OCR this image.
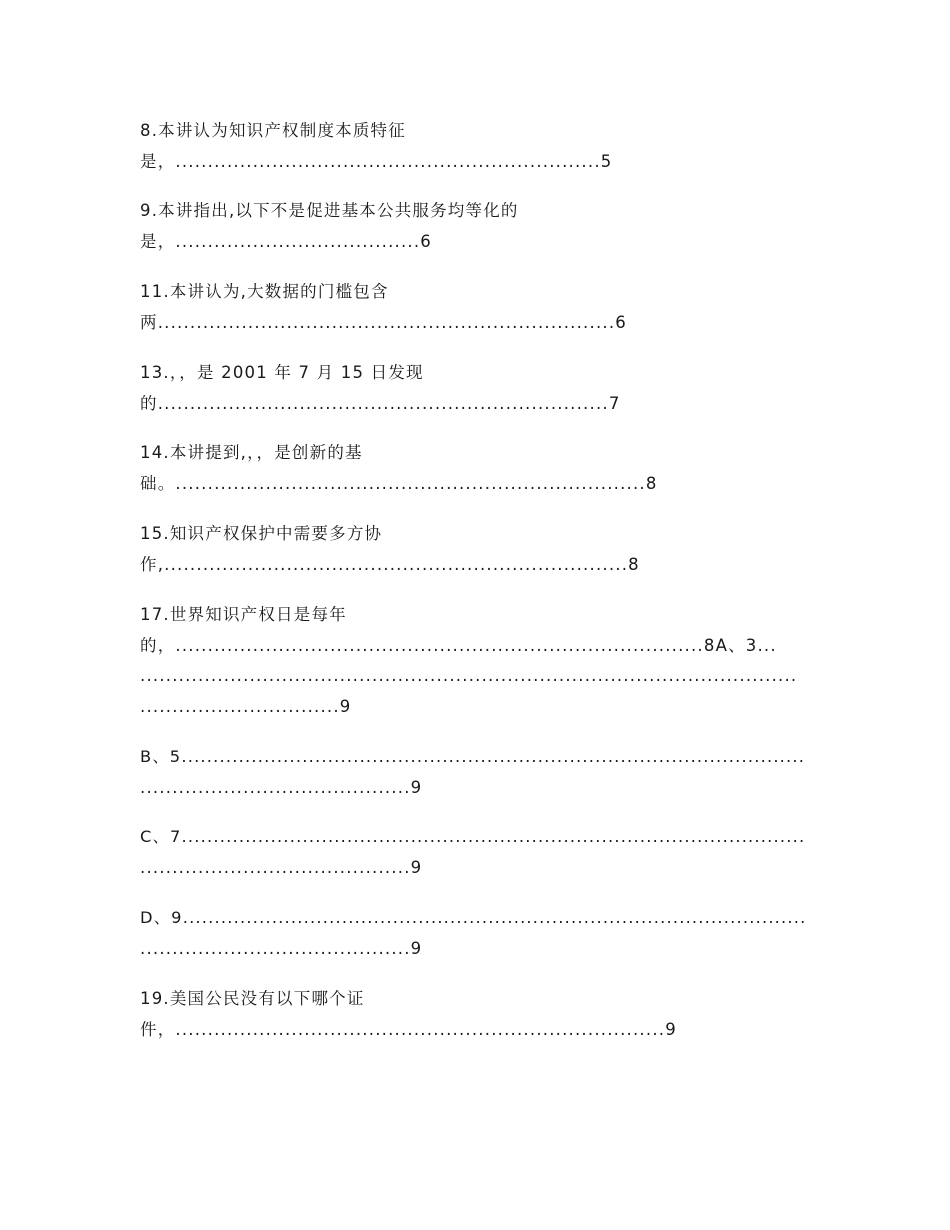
8.本讲认为知识产权制度本质特征

是，..................................................................5

9.本讲指出,以下不是促进基本公共服务均等化的

是，......................................6

11.本讲认为,大数据的门槛包含

两.......................................................................6

13.，，是 2001 年 7 月 15 日发现

的......................................................................7

14.本讲提到,，，是创新的基

础。.........................................................................8

15.知识产权保护中需要多方协

作,........................................................................8

17.世界知识产权日是每年

的，..................................................................................8A、3...

......................................................................................................

...............................9

B、5..................................................................................................

..........................................9

C、7..................................................................................................

..........................................9

D、9..................................................................................................

..........................................9

19.美国公民没有以下哪个证

件，............................................................................9
